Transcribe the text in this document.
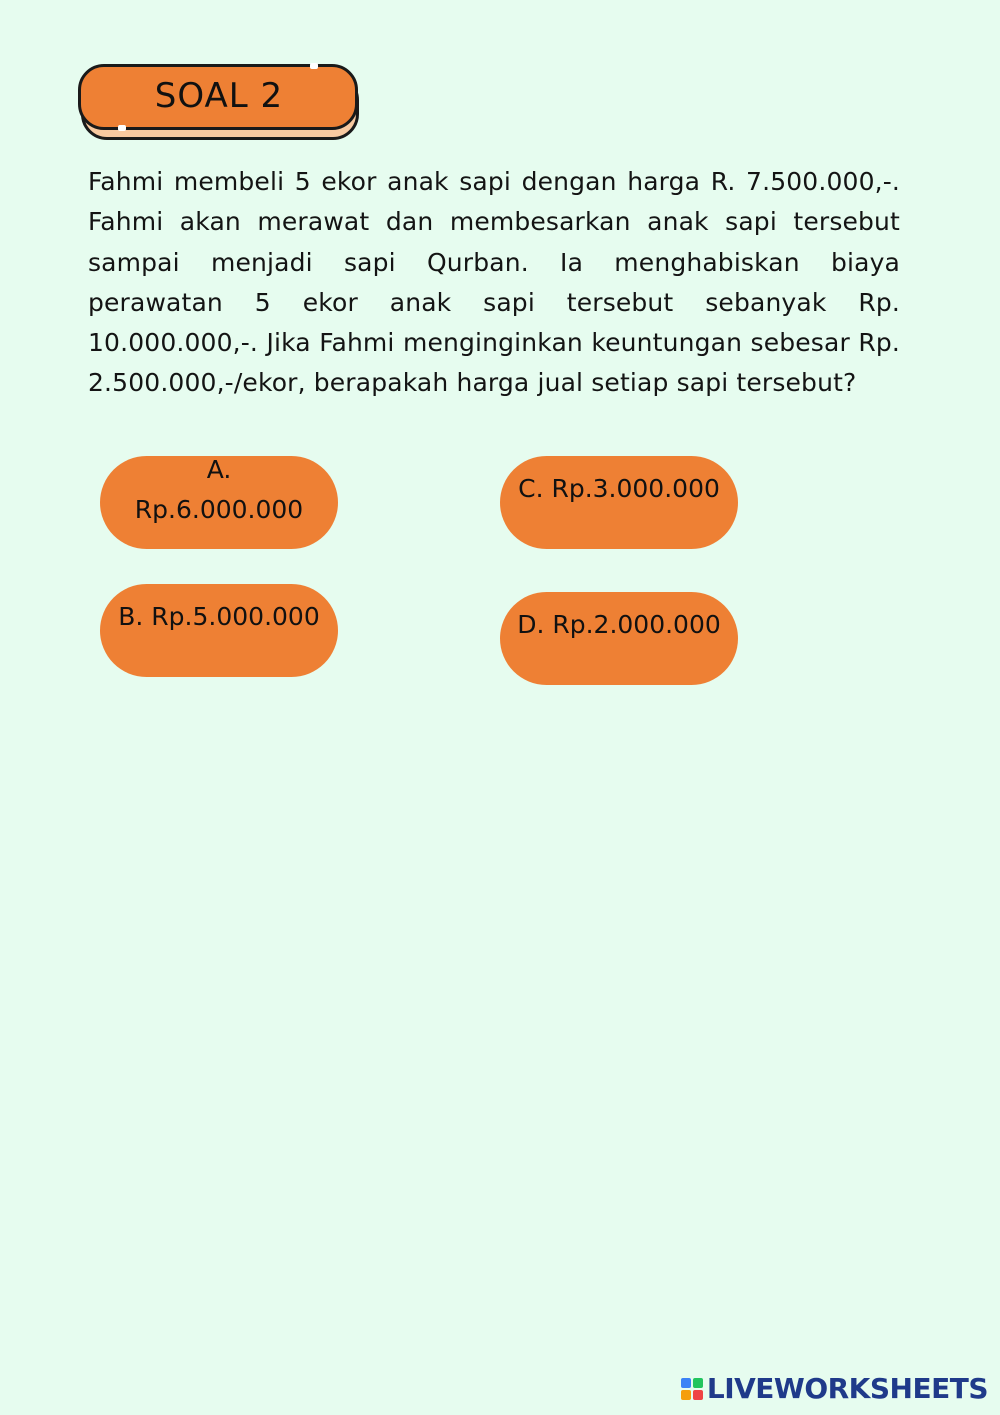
SOAL 2

Fahmi membeli 5 ekor anak sapi dengan harga R. 7.500.000,-. Fahmi akan merawat dan membesarkan anak sapi tersebut sampai menjadi sapi Qurban. Ia menghabiskan biaya perawatan 5 ekor anak sapi tersebut sebanyak Rp. 10.000.000,-. Jika Fahmi menginginkan keuntungan sebesar Rp. 2.500.000,-/ekor, berapakah harga jual setiap sapi tersebut?

A. Rp.6.000.000
B. Rp.5.000.000
C. Rp.3.000.000
D. Rp.2.000.000
LIVEWORKSHEETS
